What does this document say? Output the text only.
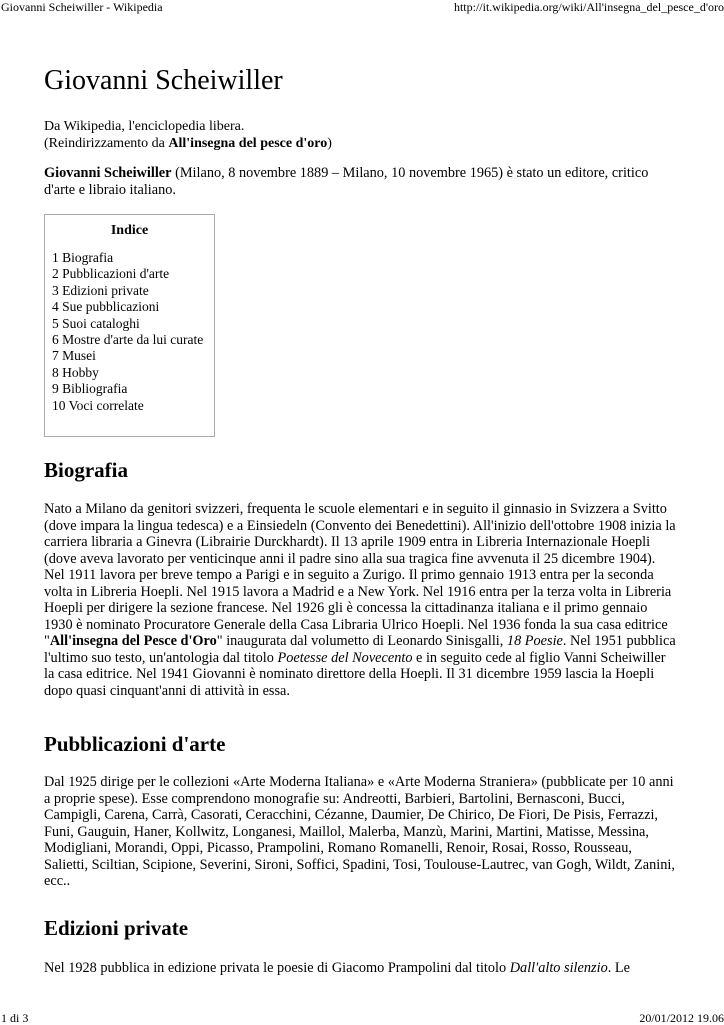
Giovanni Scheiwiller - Wikipedia	http://it.wikipedia.org/wiki/All'insegna_del_pesce_d'oro
Giovanni Scheiwiller
Da Wikipedia, l'enciclopedia libera.
(Reindirizzamento da All'insegna del pesce d'oro)

Giovanni Scheiwiller (Milano, 8 novembre 1889 – Milano, 10 novembre 1965) è stato un editore, critico d'arte e libraio italiano.

Indice
1 Biografia
2 Pubblicazioni d'arte
3 Edizioni private
4 Sue pubblicazioni
5 Suoi cataloghi
6 Mostre d'arte da lui curate
7 Musei
8 Hobby
9 Bibliografia
10 Voci correlate
Biografia

Nato a Milano da genitori svizzeri, frequenta le scuole elementari e in seguito il ginnasio in Svizzera a Svitto (dove impara la lingua tedesca) e a Einsiedeln (Convento dei Benedettini). All'inizio dell'ottobre 1908 inizia la carriera libraria a Ginevra (Librairie Durckhardt). Il 13 aprile 1909 entra in Libreria Internazionale Hoepli (dove aveva lavorato per venticinque anni il padre sino alla sua tragica fine avvenuta il 25 dicembre 1904). Nel 1911 lavora per breve tempo a Parigi e in seguito a Zurigo. Il primo gennaio 1913 entra per la seconda volta in Libreria Hoepli. Nel 1915 lavora a Madrid e a New York. Nel 1916 entra per la terza volta in Libreria Hoepli per dirigere la sezione francese. Nel 1926 gli è concessa la cittadinanza italiana e il primo gennaio 1930 è nominato Procuratore Generale della Casa Libraria Ulrico Hoepli. Nel 1936 fonda la sua casa editrice "All'insegna del Pesce d'Oro" inaugurata dal volumetto di Leonardo Sinisgalli, 18 Poesie. Nel 1951 pubblica l'ultimo suo testo, un'antologia dal titolo Poetesse del Novecento e in seguito cede al figlio Vanni Scheiwiller la casa editrice. Nel 1941 Giovanni è nominato direttore della Hoepli. Il 31 dicembre 1959 lascia la Hoepli dopo quasi cinquant'anni di attività in essa.

Pubblicazioni d'arte

Dal 1925 dirige per le collezioni «Arte Moderna Italiana» e «Arte Moderna Straniera» (pubblicate per 10 anni a proprie spese). Esse comprendono monografie su: Andreotti, Barbieri, Bartolini, Bernasconi, Bucci, Campigli, Carena, Carrà, Casorati, Ceracchini, Cézanne, Daumier, De Chirico, De Fiori, De Pisis, Ferrazzi, Funi, Gauguin, Haner, Kollwitz, Longanesi, Maillol, Malerba, Manzù, Marini, Martini, Matisse, Messina, Modigliani, Morandi, Oppi, Picasso, Prampolini, Romano Romanelli, Renoir, Rosai, Rosso, Rousseau, Salietti, Sciltian, Scipione, Severini, Sironi, Soffici, Spadini, Tosi, Toulouse-Lautrec, van Gogh, Wildt, Zanini, ecc..

Edizioni private

Nel 1928 pubblica in edizione privata le poesie di Giacomo Prampolini dal titolo Dall'alto silenzio. Le

1 di 3	20/01/2012 19.06
